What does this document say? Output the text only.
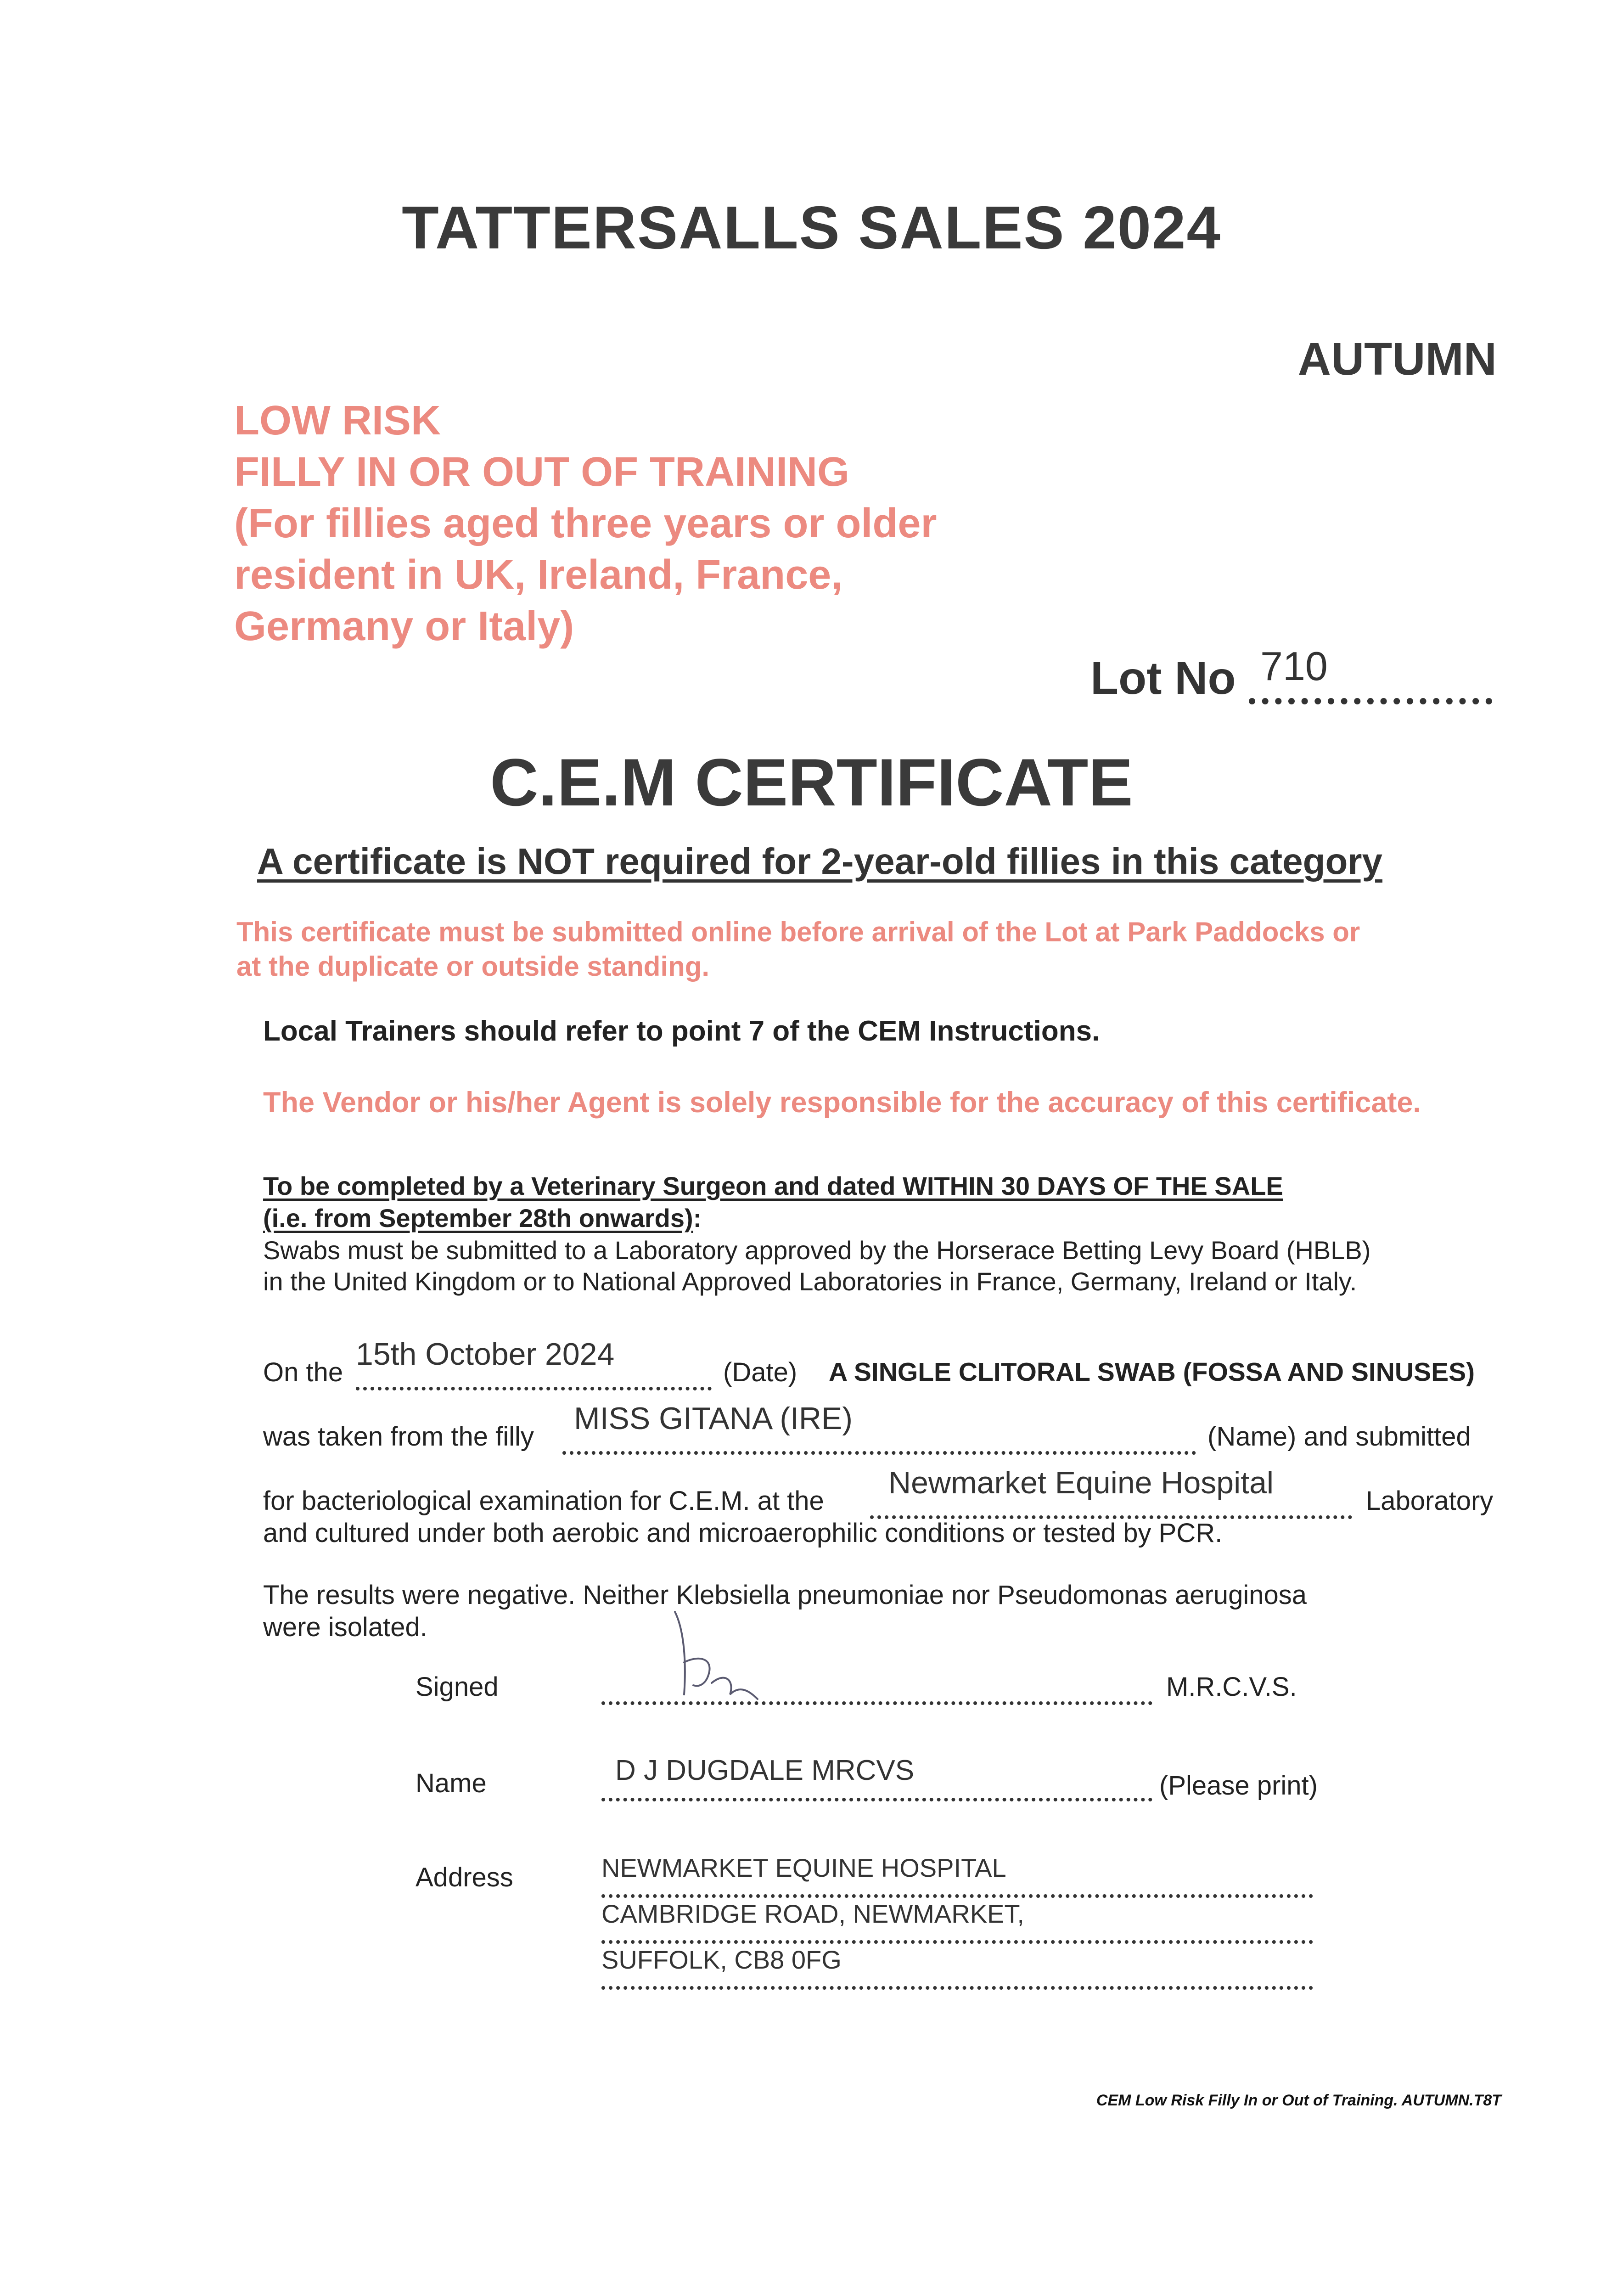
TATTERSALLS SALES 2024
AUTUMN
LOW RISK
FILLY IN OR OUT OF TRAINING
(For fillies aged three years or older
resident in UK, Ireland, France,
Germany or Italy)
Lot No 710
C.E.M CERTIFICATE
A certificate is NOT required for 2-year-old fillies in this category
This certificate must be submitted online before arrival of the Lot at Park Paddocks or
at the duplicate or outside standing.
Local Trainers should refer to point 7 of the CEM Instructions.
The Vendor or his/her Agent is solely responsible for the accuracy of this certificate.
To be completed by a Veterinary Surgeon and dated WITHIN 30 DAYS OF THE SALE
(i.e. from September 28th onwards):
Swabs must be submitted to a Laboratory approved by the Horserace Betting Levy Board (HBLB)
in the United Kingdom or to National Approved Laboratories in France, Germany, Ireland or Italy.
On the
15th October 2024
(Date) A SINGLE CLITORAL SWAB (FOSSA AND SINUSES)
was taken from the filly
MISS GITANA (IRE)
(Name) and submitted
for bacteriological examination for C.E.M. at the
Newmarket Equine Hospital
Laboratory
and cultured under both aerobic and microaerophilic conditions or tested by PCR.
The results were negative. Neither Klebsiella pneumoniae nor Pseudomonas aeruginosa
were isolated.
Signed	M.R.C.V.S.
Name	D J DUGDALE MRCVS	(Please print)
Address	NEWMARKET EQUINE HOSPITAL
CAMBRIDGE ROAD, NEWMARKET,
SUFFOLK, CB8 0FG
CEM Low Risk Filly In or Out of Training. AUTUMN.T8T
